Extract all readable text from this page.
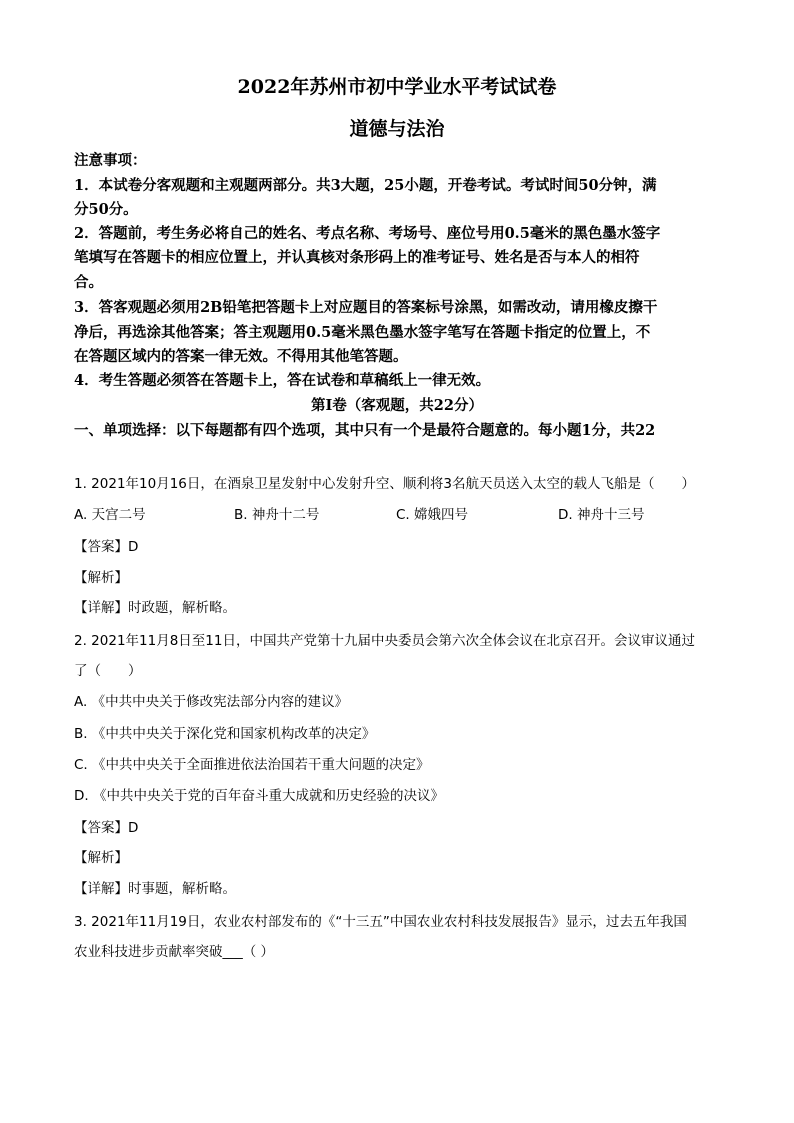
2022年苏州市初中学业水平考试试卷
道德与法治
注意事项：
1．本试卷分客观题和主观题两部分。共3大题，25小题，开卷考试。考试时间50分钟，满
分50分。
2．答题前，考生务必将自己的姓名、考点名称、考场号、座位号用0.5毫米的黑色墨水签字
笔填写在答题卡的相应位置上，并认真核对条形码上的准考证号、姓名是否与本人的相符
合。
3．答客观题必须用2B铅笔把答题卡上对应题目的答案标号涂黑，如需改动，请用橡皮擦干
净后，再选涂其他答案；答主观题用0.5毫米黑色墨水签字笔写在答题卡指定的位置上，不
在答题区域内的答案一律无效。不得用其他笔答题。
4．考生答题必须答在答题卡上，答在试卷和草稿纸上一律无效。
第Ⅰ卷（客观题，共22分）
一、单项选择：以下每题都有四个选项，其中只有一个是最符合题意的。每小题1分，共22
1. 2021年10月16日，在酒泉卫星发射中心发射升空、顺利将3名航天员送入太空的载人飞船是（　　）
A. 天宫二号	B. 神舟十二号	C. 嫦娥四号	D. 神舟十三号
【答案】D
【解析】
【详解】时政题，解析略。
2. 2021年11月8日至11日，中国共产党第十九届中央委员会第六次全体会议在北京召开。会议审议通过
了（　　）
A. 《中共中央关于修改宪法部分内容的建议》
B. 《中共中央关于深化党和国家机构改革的决定》
C. 《中共中央关于全面推进依法治国若干重大问题的决定》
D. 《中共中央关于党的百年奋斗重大成就和历史经验的决议》
【答案】D
【解析】
【详解】时事题，解析略。
3. 2021年11月19日，农业农村部发布的《“十三五”中国农业农村科技发展报告》显示，过去五年我国
农业科技进步贡献率突破___（ ）
